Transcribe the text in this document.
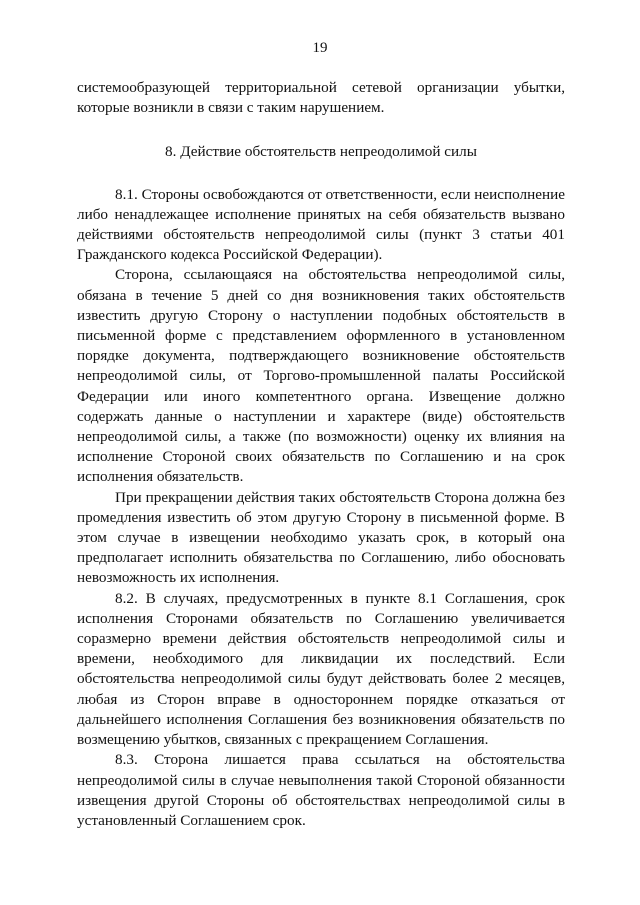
19

системообразующей территориальной сетевой организации убытки, которые возникли в связи с таким нарушением.

8. Действие обстоятельств непреодолимой силы

8.1. Стороны освобождаются от ответственности, если неисполнение либо ненадлежащее исполнение принятых на себя обязательств вызвано действиями обстоятельств непреодолимой силы (пункт 3 статьи 401 Гражданского кодекса Российской Федерации).

Сторона, ссылающаяся на обстоятельства непреодолимой силы, обязана в течение 5 дней со дня возникновения таких обстоятельств известить другую Сторону о наступлении подобных обстоятельств в письменной форме с представлением оформленного в установленном порядке документа, подтверждающего возникновение обстоятельств непреодолимой силы, от Торгово-промышленной палаты Российской Федерации или иного компетентного органа. Извещение должно содержать данные о наступлении и характере (виде) обстоятельств непреодолимой силы, а также (по возможности) оценку их влияния на исполнение Стороной своих обязательств по Соглашению и на срок исполнения обязательств.

При прекращении действия таких обстоятельств Сторона должна без промедления известить об этом другую Сторону в письменной форме. В этом случае в извещении необходимо указать срок, в который она предполагает исполнить обязательства по Соглашению, либо обосновать невозможность их исполнения.

8.2. В случаях, предусмотренных в пункте 8.1 Соглашения, срок исполнения Сторонами обязательств по Соглашению увеличивается соразмерно времени действия обстоятельств непреодолимой силы и времени, необходимого для ликвидации их последствий. Если обстоятельства непреодолимой силы будут действовать более 2 месяцев, любая из Сторон вправе в одностороннем порядке отказаться от дальнейшего исполнения Соглашения без возникновения обязательств по возмещению убытков, связанных с прекращением Соглашения.

8.3. Сторона лишается права ссылаться на обстоятельства непреодолимой силы в случае невыполнения такой Стороной обязанности извещения другой Стороны об обстоятельствах непреодолимой силы в установленный Соглашением срок.
